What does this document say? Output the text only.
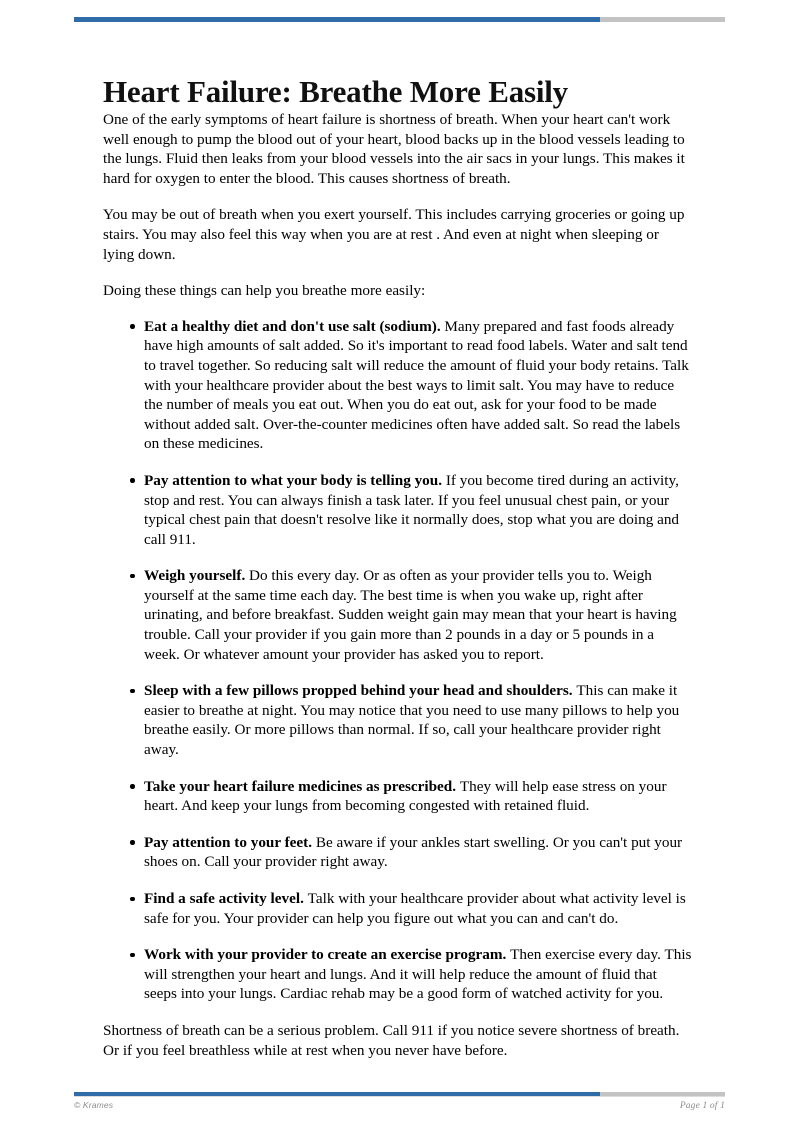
Heart Failure: Breathe More Easily

One of the early symptoms of heart failure is shortness of breath. When your heart can't work well enough to pump the blood out of your heart, blood backs up in the blood vessels leading to the lungs. Fluid then leaks from your blood vessels into the air sacs in your lungs. This makes it hard for oxygen to enter the blood. This causes shortness of breath.

You may be out of breath when you exert yourself. This includes carrying groceries or going up stairs. You may also feel this way when you are at rest . And even at night when sleeping or lying down.

Doing these things can help you breathe more easily:

Eat a healthy diet and don't use salt (sodium). Many prepared and fast foods already have high amounts of salt added. So it's important to read food labels. Water and salt tend to travel together. So reducing salt will reduce the amount of fluid your body retains. Talk with your healthcare provider about the best ways to limit salt. You may have to reduce the number of meals you eat out. When you do eat out, ask for your food to be made without added salt. Over-the-counter medicines often have added salt. So read the labels on these medicines.
Pay attention to what your body is telling you. If you become tired during an activity, stop and rest. You can always finish a task later. If you feel unusual chest pain, or your typical chest pain that doesn't resolve like it normally does, stop what you are doing and call 911.
Weigh yourself. Do this every day. Or as often as your provider tells you to. Weigh yourself at the same time each day. The best time is when you wake up, right after urinating, and before breakfast. Sudden weight gain may mean that your heart is having trouble. Call your provider if you gain more than 2 pounds in a day or 5 pounds in a week. Or whatever amount your provider has asked you to report.
Sleep with a few pillows propped behind your head and shoulders. This can make it easier to breathe at night. You may notice that you need to use many pillows to help you breathe easily. Or more pillows than normal. If so, call your healthcare provider right away.
Take your heart failure medicines as prescribed. They will help ease stress on your heart. And keep your lungs from becoming congested with retained fluid.
Pay attention to your feet. Be aware if your ankles start swelling. Or you can't put your shoes on. Call your provider right away.
Find a safe activity level. Talk with your healthcare provider about what activity level is safe for you. Your provider can help you figure out what you can and can't do.
Work with your provider to create an exercise program. Then exercise every day. This will strengthen your heart and lungs. And it will help reduce the amount of fluid that seeps into your lungs. Cardiac rehab may be a good form of watched activity for you.

Shortness of breath can be a serious problem. Call 911 if you notice severe shortness of breath. Or if you feel breathless while at rest when you never have before.

© Krames	Page 1 of 1
